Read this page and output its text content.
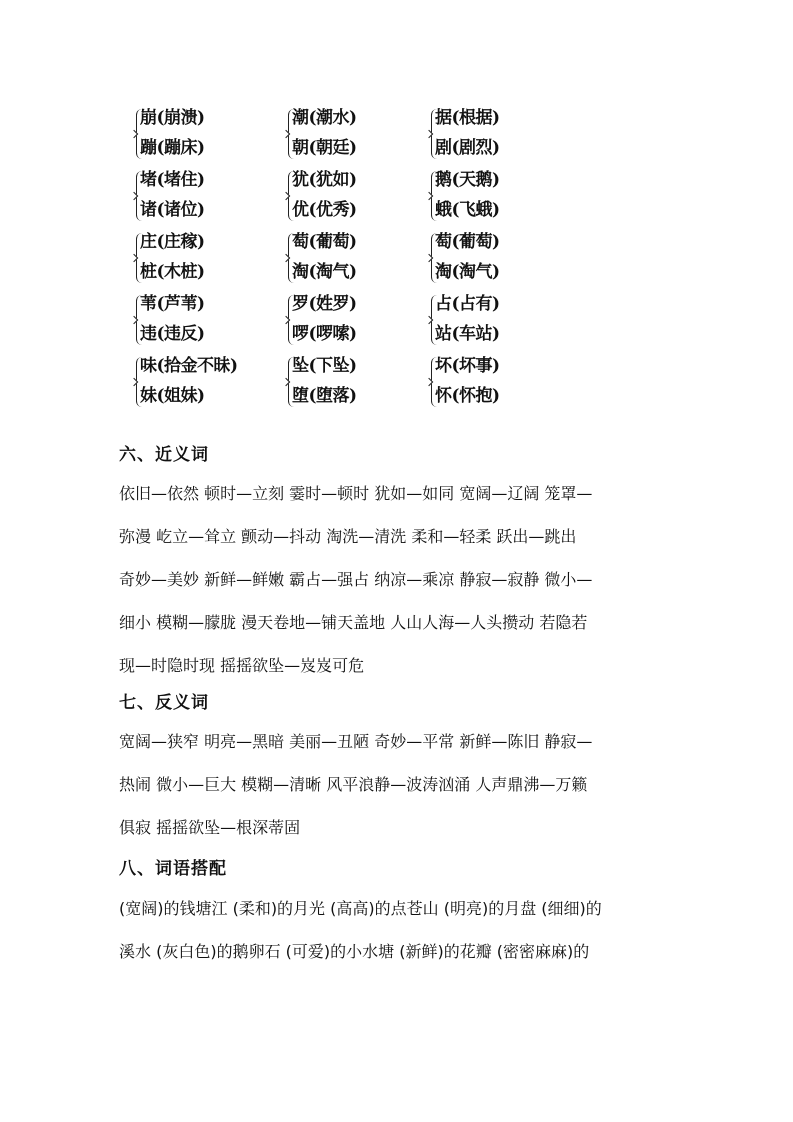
崩(崩溃)
蹦(蹦床)
潮(潮水)
朝(朝廷)
据(根据)
剧(剧烈)
堵(堵住)
诸(诸位)
犹(犹如)
优(优秀)
鹅(天鹅)
蛾(飞蛾)
庄(庄稼)
桩(木桩)
萄(葡萄)
淘(淘气)
萄(葡萄)
淘(淘气)
苇(芦苇)
违(违反)
罗(姓罗)
啰(啰嗦)
占(占有)
站(车站)
味(拾金不昧)
妹(姐妹)
坠(下坠)
堕(堕落)
坏(坏事)
怀(怀抱)
六、近义词
依旧—依然 顿时—立刻 霎时—顿时 犹如—如同 宽阔—辽阔 笼罩—
弥漫 屹立—耸立 颤动—抖动 淘洗—清洗 柔和—轻柔 跃出—跳出
奇妙—美妙 新鲜—鲜嫩 霸占—强占 纳凉—乘凉 静寂—寂静 微小—
细小 模糊—朦胧 漫天卷地—铺天盖地 人山人海—人头攒动 若隐若
现—时隐时现 摇摇欲坠—岌岌可危
七、反义词
宽阔—狭窄 明亮—黑暗 美丽—丑陋 奇妙—平常 新鲜—陈旧 静寂—
热闹 微小—巨大 模糊—清晰 风平浪静—波涛汹涌 人声鼎沸—万籁
俱寂 摇摇欲坠—根深蒂固
八、词语搭配
(宽阔)的钱塘江 (柔和)的月光 (高高)的点苍山 (明亮)的月盘 (细细)的
溪水 (灰白色)的鹅卵石 (可爱)的小水塘 (新鲜)的花瓣 (密密麻麻)的
